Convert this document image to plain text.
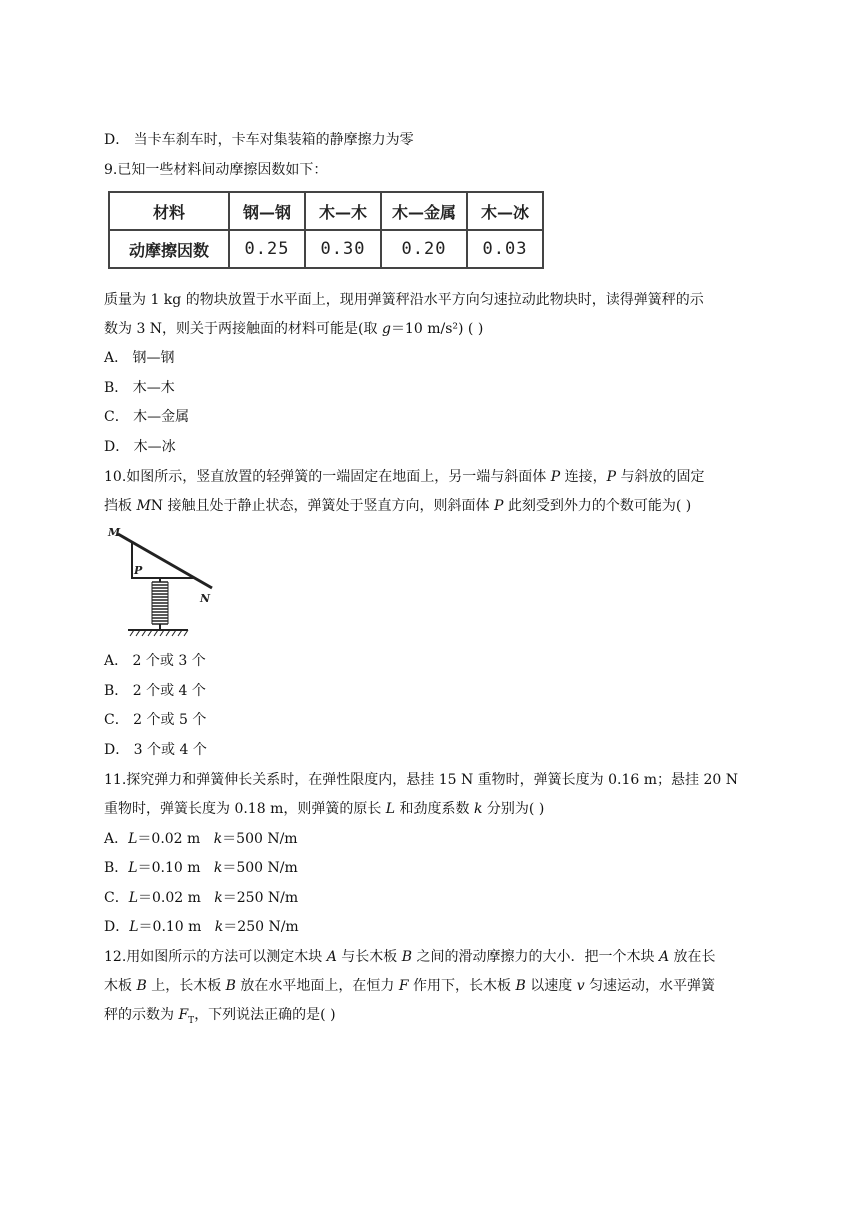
D． 当卡车刹车时，卡车对集装箱的静摩擦力为零
9.已知一些材料间动摩擦因数如下：
材料	钢—钢	木—木	木—金属	木—冰
动摩擦因数	0.25	0.30	0.20	0.03
质量为 1 kg 的物块放置于水平面上，现用弹簧秤沿水平方向匀速拉动此物块时，读得弹簧秤的示
数为 3 N，则关于两接触面的材料可能是(取 g＝10 m/s²) ( )
A． 钢—钢
B． 木—木
C． 木—金属
D． 木—冰
10.如图所示，竖直放置的轻弹簧的一端固定在地面上，另一端与斜面体 P 连接，P 与斜放的固定
挡板 MN 接触且处于静止状态，弹簧处于竖直方向，则斜面体 P 此刻受到外力的个数可能为( )
M
P
N
A． 2 个或 3 个
B． 2 个或 4 个
C． 2 个或 5 个
D． 3 个或 4 个
11.探究弹力和弹簧伸长关系时，在弹性限度内，悬挂 15 N 重物时，弹簧长度为 0.16 m；悬挂 20 N
重物时，弹簧长度为 0.18 m，则弹簧的原长 L 和劲度系数 k 分别为( )
A．L＝0.02 m k＝500 N/m
B．L＝0.10 m k＝500 N/m
C．L＝0.02 m k＝250 N/m
D．L＝0.10 m k＝250 N/m
12.用如图所示的方法可以测定木块 A 与长木板 B 之间的滑动摩擦力的大小．把一个木块 A 放在长
木板 B 上，长木板 B 放在水平地面上，在恒力 F 作用下，长木板 B 以速度 v 匀速运动，水平弹簧
秤的示数为 $F_T$，下列说法正确的是( )
